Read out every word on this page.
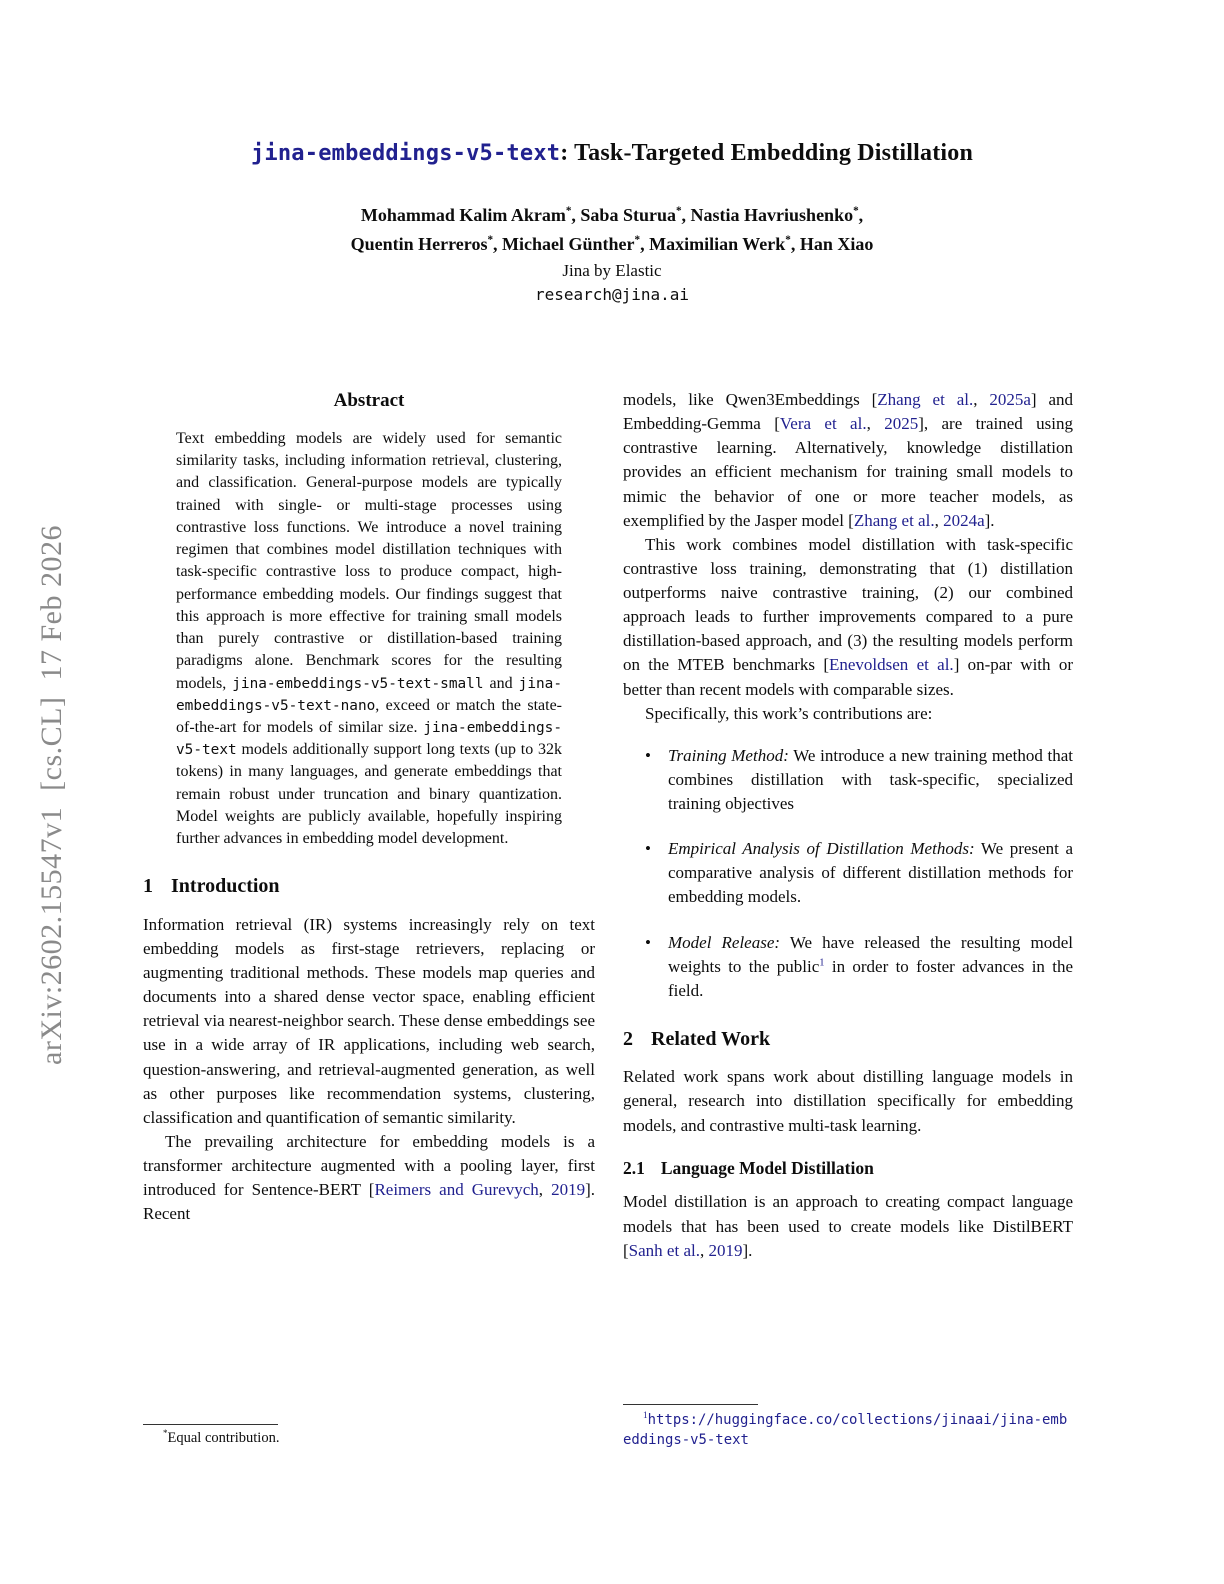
arXiv:2602.15547v1  [cs.CL]  17 Feb 2026
jina-embeddings-v5-text: Task-Targeted Embedding Distillation
Mohammad Kalim Akram*, Saba Sturua*, Nastia Havriushenko*,
Quentin Herreros*, Michael Günther*, Maximilian Werk*, Han Xiao
Jina by Elastic
research@jina.ai
Abstract
Text embedding models are widely used for semantic similarity tasks, including information retrieval, clustering, and classification. General-purpose models are typically trained with single- or multi-stage processes using contrastive loss functions. We introduce a novel training regimen that combines model distillation techniques with task-specific contrastive loss to produce compact, high-performance embedding models. Our findings suggest that this approach is more effective for training small models than purely contrastive or distillation-based training paradigms alone. Benchmark scores for the resulting models, jina-embeddings-v5-text-small and jina-embeddings-v5-text-nano, exceed or match the state-of-the-art for models of similar size. jina-embeddings-v5-text models additionally support long texts (up to 32k tokens) in many languages, and generate embeddings that remain robust under truncation and binary quantization. Model weights are publicly available, hopefully inspiring further advances in embedding model development.
1 Introduction

Information retrieval (IR) systems increasingly rely on text embedding models as first-stage retrievers, replacing or augmenting traditional methods. These models map queries and documents into a shared dense vector space, enabling efficient retrieval via nearest-neighbor search. These dense embeddings see use in a wide array of IR applications, including web search, question-answering, and retrieval-augmented generation, as well as other purposes like recommendation systems, clustering, classification and quantification of semantic similarity.

The prevailing architecture for embedding models is a transformer architecture augmented with a pooling layer, first introduced for Sentence-BERT [Reimers and Gurevych, 2019]. Recent

models, like Qwen3Embeddings [Zhang et al., 2025a] and Embedding-Gemma [Vera et al., 2025], are trained using contrastive learning. Alternatively, knowledge distillation provides an efficient mechanism for training small models to mimic the behavior of one or more teacher models, as exemplified by the Jasper model [Zhang et al., 2024a].

This work combines model distillation with task-specific contrastive loss training, demonstrating that (1) distillation outperforms naive contrastive training, (2) our combined approach leads to further improvements compared to a pure distillation-based approach, and (3) the resulting models perform on the MTEB benchmarks [Enevoldsen et al.] on-par with or better than recent models with comparable sizes.

Specifically, this work’s contributions are:

• Training Method: We introduce a new training method that combines distillation with task-specific, specialized training objectives
• Empirical Analysis of Distillation Methods: We present a comparative analysis of different distillation methods for embedding models.
• Model Release: We have released the resulting model weights to the public$^1$ in order to foster advances in the field.
2 Related Work

Related work spans work about distilling language models in general, research into distillation specifically for embedding models, and contrastive multi-task learning.

2.1 Language Model Distillation

Model distillation is an approach to creating compact language models that has been used to create models like DistilBERT [Sanh et al., 2019].

*Equal contribution.
$^1$https://huggingface.co/collections/jinaai/jina-embeddings-v5-text
